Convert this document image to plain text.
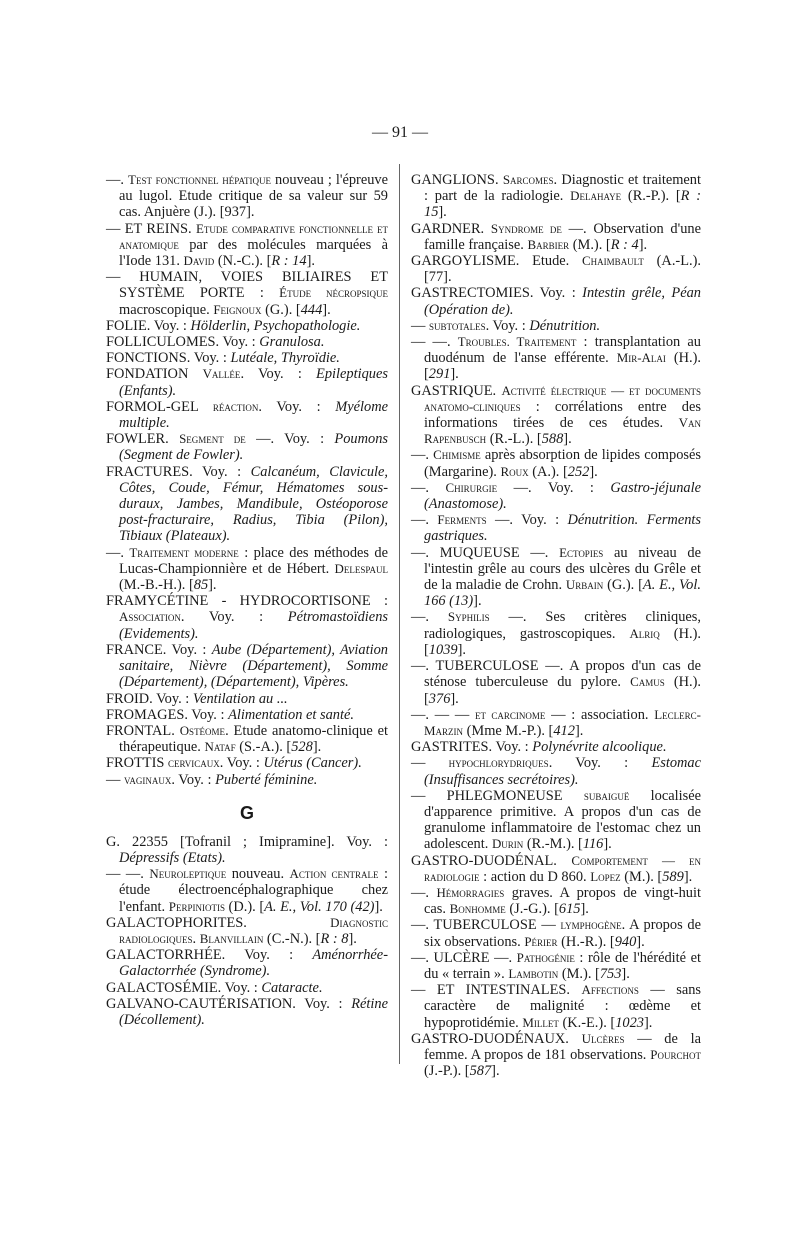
— 91 —

—. Test fonctionnel hépatique nouveau ; l'épreuve au lugol. Etude critique de sa valeur sur 59 cas. Anjuère (J.). [937].

— ET REINS. Etude comparative fonctionnelle et anatomique par des molécules marquées à l'Iode 131. David (N.-C.). [R : 14].

— HUMAIN, VOIES BILIAIRES ET SYSTÈME PORTE : Étude nécropsique macroscopique. Feignoux (G.). [444].

FOLIE. Voy. : Hölderlin, Psychopathologie.

FOLLICULOMES. Voy. : Granulosa.

FONCTIONS. Voy. : Lutéale, Thyroïdie.

FONDATION Vallée. Voy. : Epileptiques (Enfants).

FORMOL-GEL réaction. Voy. : Myélome multiple.

FOWLER. Segment de —. Voy. : Poumons (Segment de Fowler).

FRACTURES. Voy. : Calcanéum, Clavicule, Côtes, Coude, Fémur, Hématomes sous-duraux, Jambes, Mandibule, Ostéoporose post-fracturaire, Radius, Tibia (Pilon), Tibiaux (Plateaux).

—. Traitement moderne : place des méthodes de Lucas-Championnière et de Hébert. Delespaul (M.-B.-H.). [85].

FRAMYCÉTINE - HYDROCORTISONE : Association. Voy. : Pétromastoïdiens (Evidements).

FRANCE. Voy. : Aube (Département), Aviation sanitaire, Nièvre (Département), Somme (Département), (Département), Vipères.

FROID. Voy. : Ventilation au ...

FROMAGES. Voy. : Alimentation et santé.

FRONTAL. Ostéome. Etude anatomo-clinique et thérapeutique. Nataf (S.-A.). [528].

FROTTIS cervicaux. Voy. : Utérus (Cancer).

— vaginaux. Voy. : Puberté féminine.

G

G. 22355 [Tofranil ; Imipramine]. Voy. : Dépressifs (Etats).

— —. Neuroleptique nouveau. Action centrale : étude électroencéphalographique chez l'enfant. Perpiniotis (D.). [A. E., Vol. 170 (42)].

GALACTOPHORITES. Diagnostic radiologiques. Blanvillain (C.-N.). [R : 8].

GALACTORRHÉE. Voy. : Aménorrhée-Galactorrhée (Syndrome).

GALACTOSÉMIE. Voy. : Cataracte.

GALVANO-CAUTÉRISATION. Voy. : Rétine (Décollement).

GANGLIONS. Sarcomes. Diagnostic et traitement : part de la radiologie. Delahaye (R.-P.). [R : 15].

GARDNER. Syndrome de —. Observation d'une famille française. Barbier (M.). [R : 4].

GARGOYLISME. Etude. Chaimbault (A.-L.). [77].

GASTRECTOMIES. Voy. : Intestin grêle, Péan (Opération de).

— subtotales. Voy. : Dénutrition.

— —. Troubles. Traitement : transplantation au duodénum de l'anse efférente. Mir-Alai (H.). [291].

GASTRIQUE. Activité électrique — et documents anatomo-cliniques : corrélations entre des informations tirées de ces études. Van Rapenbusch (R.-L.). [588].

—. Chimisme après absorption de lipides composés (Margarine). Roux (A.). [252].

—. Chirurgie —. Voy. : Gastro-jéjunale (Anastomose).

—. Ferments —. Voy. : Dénutrition. Ferments gastriques.

—. MUQUEUSE —. Ectopies au niveau de l'intestin grêle au cours des ulcères du Grêle et de la maladie de Crohn. Urbain (G.). [A. E., Vol. 166 (13)].

—. Syphilis —. Ses critères cliniques, radiologiques, gastroscopiques. Alriq (H.). [1039].

—. TUBERCULOSE —. A propos d'un cas de sténose tuberculeuse du pylore. Camus (H.). [376].

—. — — et carcinome — : association. Leclerc-Marzin (Mme M.-P.). [412].

GASTRITES. Voy. : Polynévrite alcoolique.

— hypochlorydriques. Voy. : Estomac (Insuffisances secrétoires).

— PHLEGMONEUSE subaiguë localisée d'apparence primitive. A propos d'un cas de granulome inflammatoire de l'estomac chez un adolescent. Durin (R.-M.). [116].

GASTRO-DUODÉNAL. Comportement — en radiologie : action du D 860. Lopez (M.). [589].

—. Hémorragies graves. A propos de vingt-huit cas. Bonhomme (J.-G.). [615].

—. TUBERCULOSE — lymphogène. A propos de six observations. Périer (H.-R.). [940].

—. ULCÈRE —. Pathogénie : rôle de l'hérédité et du « terrain ». Lambotin (M.). [753].

— ET INTESTINALES. Affections — sans caractère de malignité : œdème et hypoprotidémie. Millet (K.-E.). [1023].

GASTRO-DUODÉNAUX. Ulcères — de la femme. A propos de 181 observations. Pourchot (J.-P.). [587].
